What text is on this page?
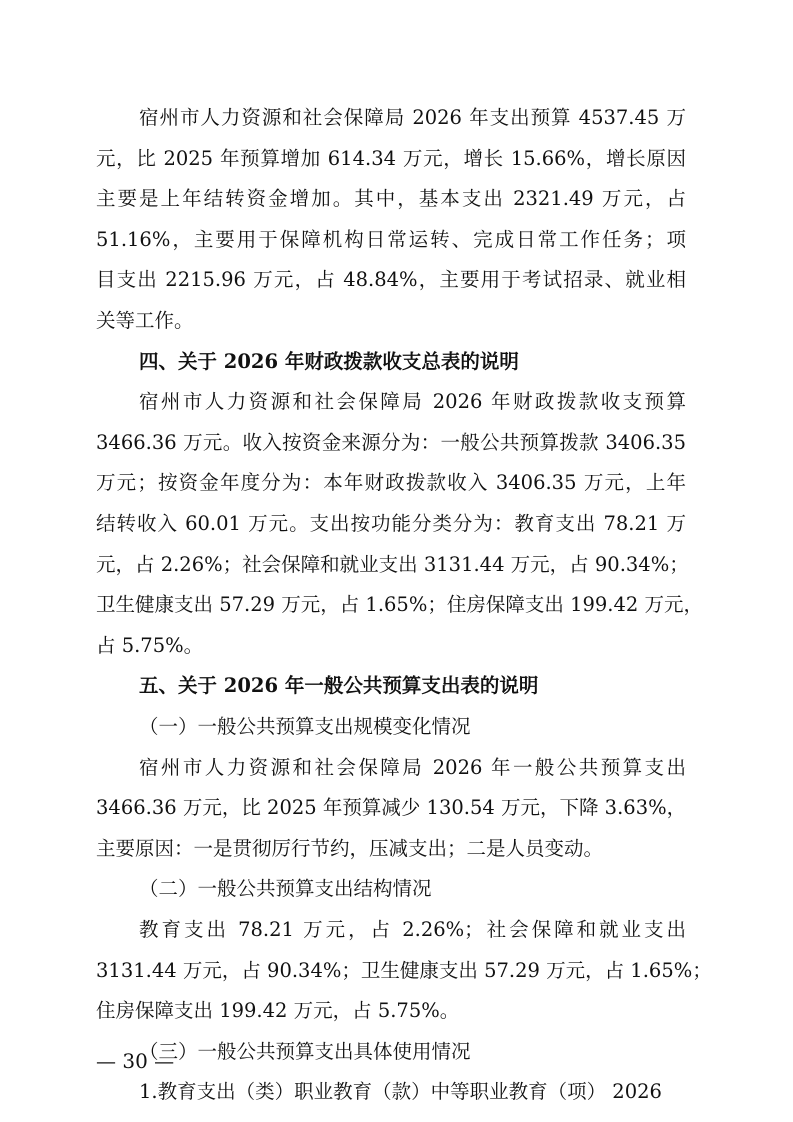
宿州市人力资源和社会保障局 2026 年支出预算 4537.45 万
元，比 2025 年预算增加 614.34 万元，增长 15.66%，增长原因
主要是上年结转资金增加。其中，基本支出 2321.49 万元，占
51.16%，主要用于保障机构日常运转、完成日常工作任务；项
目支出 2215.96 万元，占 48.84%，主要用于考试招录、就业相
关等工作。
四、关于 2026 年财政拨款收支总表的说明
宿州市人力资源和社会保障局 2026 年财政拨款收支预算
3466.36 万元。收入按资金来源分为：一般公共预算拨款 3406.35
万元；按资金年度分为：本年财政拨款收入 3406.35 万元，上年
结转收入 60.01 万元。支出按功能分类分为：教育支出 78.21 万
元，占 2.26%；社会保障和就业支出 3131.44 万元，占 90.34%；
卫生健康支出 57.29 万元，占 1.65%；住房保障支出 199.42 万元，
占 5.75%。
五、关于 2026 年一般公共预算支出表的说明
（一）一般公共预算支出规模变化情况
宿州市人力资源和社会保障局 2026 年一般公共预算支出
3466.36 万元，比 2025 年预算减少 130.54 万元，下降 3.63%，
主要原因：一是贯彻厉行节约，压减支出；二是人员变动。
（二）一般公共预算支出结构情况
教育支出 78.21 万元，占 2.26%；社会保障和就业支出
3131.44 万元，占 90.34%；卫生健康支出 57.29 万元，占 1.65%；
住房保障支出 199.42 万元，占 5.75%。
（三）一般公共预算支出具体使用情况
1.教育支出（类）职业教育（款）中等职业教育（项） 2026
— 30 —
